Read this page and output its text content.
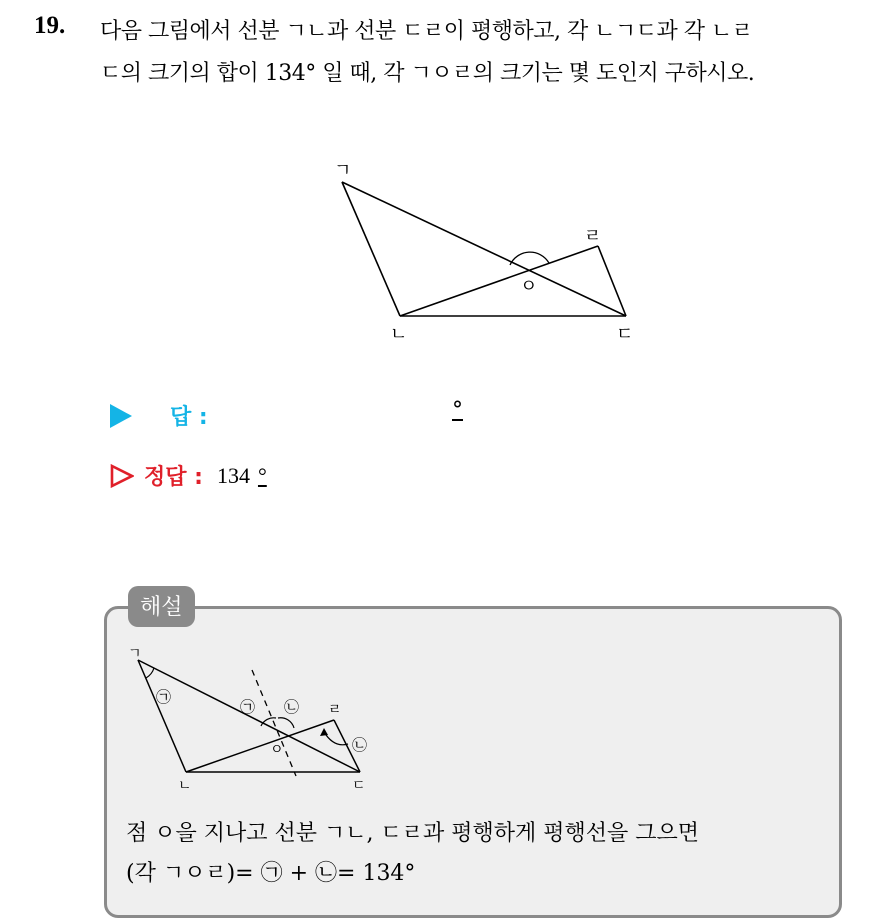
19. 다음 그림에서 선분 ㄱㄴ과 선분 ㄷㄹ이 평행하고, 각 ㄴㄱㄷ과 각 ㄴㄹ
ㄷ의 크기의 합이 134° 일 때, 각 ㄱㅇㄹ의 크기는 몇 도인지 구하시오.
ㄱ
ㄴ	ㄷ
ㄹ
ㅇ
답 :	°
정답 : 134 °
해설
ㄱ
ㄴ	ㄷ
ㄹ
ㅇ
㉠
㉠ ㉡
㉡
점 ㅇ을 지나고 선분 ㄱㄴ, ㄷㄹ과 평행하게 평행선을 그으면
(각 ㄱㅇㄹ)= ㉠ + ㉡= 134°
